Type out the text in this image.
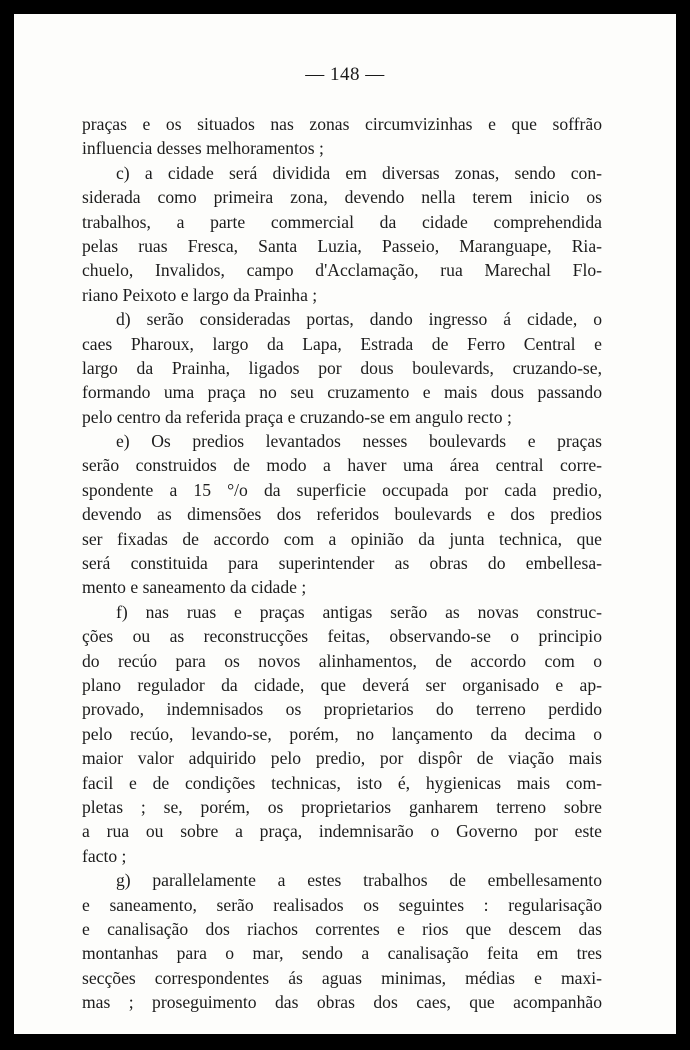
— 148 —
praças e os situados nas zonas circumvizinhas e que soffrão
influencia desses melhoramentos ;
c) a cidade será dividida em diversas zonas, sendo con-
siderada como primeira zona, devendo nella terem inicio os
trabalhos, a parte commercial da cidade comprehendida
pelas ruas Fresca, Santa Luzia, Passeio, Maranguape, Ria-
chuelo, Invalidos, campo d'Acclamação, rua Marechal Flo-
riano Peixoto e largo da Prainha ;
d) serão consideradas portas, dando ingresso á cidade, o
caes Pharoux, largo da Lapa, Estrada de Ferro Central e
largo da Prainha, ligados por dous boulevards, cruzando-se,
formando uma praça no seu cruzamento e mais dous passando
pelo centro da referida praça e cruzando-se em angulo recto ;
e) Os predios levantados nesses boulevards e praças
serão construidos de modo a haver uma área central corre-
spondente a 15 °/o da superficie occupada por cada predio,
devendo as dimensões dos referidos boulevards e dos predios
ser fixadas de accordo com a opinião da junta technica, que
será constituida para superintender as obras do embellesa-
mento e saneamento da cidade ;
f) nas ruas e praças antigas serão as novas construc-
ções ou as reconstrucções feitas, observando-se o principio
do recúo para os novos alinhamentos, de accordo com o
plano regulador da cidade, que deverá ser organisado e ap-
provado, indemnisados os proprietarios do terreno perdido
pelo recúo, levando-se, porém, no lançamento da decima o
maior valor adquirido pelo predio, por dispôr de viação mais
facil e de condições technicas, isto é, hygienicas mais com-
pletas ; se, porém, os proprietarios ganharem terreno sobre
a rua ou sobre a praça, indemnisarão o Governo por este
facto ;
g) parallelamente a estes trabalhos de embellesamento
e saneamento, serão realisados os seguintes : regularisação
e canalisação dos riachos correntes e rios que descem das
montanhas para o mar, sendo a canalisação feita em tres
secções correspondentes ás aguas minimas, médias e maxi-
mas ; proseguimento das obras dos caes, que acompanhão
